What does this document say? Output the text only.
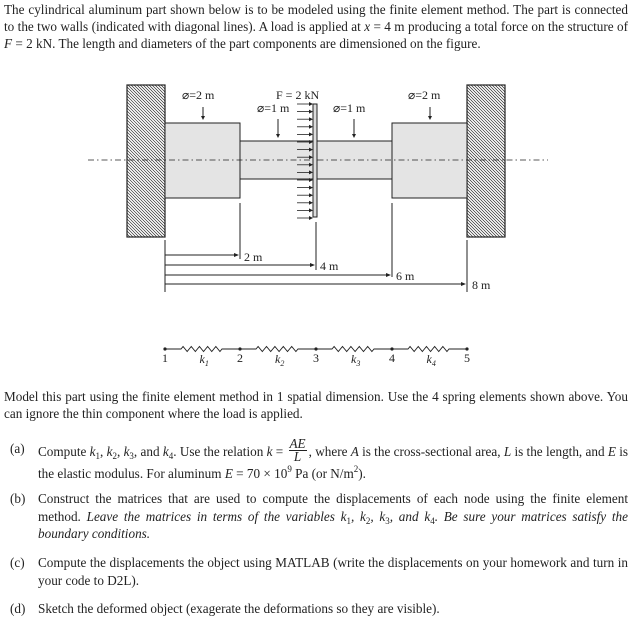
The cylindrical aluminum part shown below is to be modeled using the finite element method. The part is connected to the two walls (indicated with diagonal lines). A load is applied at x = 4 m producing a total force on the structure of F = 2 kN. The length and diameters of the part components are dimensioned on the figure.
⌀=2 m
⌀=1 m	⌀=1 m
⌀=2 m
F = 2 kN
2 m
4 m
6 m
8 m
$k_1$	$k_2$	$k_3$	$k_4$
1	2	3	4	5
Model this part using the finite element method in 1 spatial dimension. Use the 4 spring elements shown above. You can ignore the thin component where the load is applied.
(a) Compute $k_1$, $k_2$, $k_3$, and $k_4$. Use the relation $k = \frac{AE}{L}$ , where A is the cross-sectional area, L is the length, and E is the elastic modulus. For aluminum $E = 70 \times 10^9$ Pa (or $N/m^2$).
(b) Construct the matrices that are used to compute the displacements of each node using the finite element method. Leave the matrices in terms of the variables $k_1$, $k_2$, $k_3$, and $k_4$. Be sure your matrices satisfy the boundary conditions.
(c) Compute the displacements the object using MATLAB (write the displacements on your homework and turn in your code to D2L).
(d) Sketch the deformed object (exagerate the deformations so they are visible).
